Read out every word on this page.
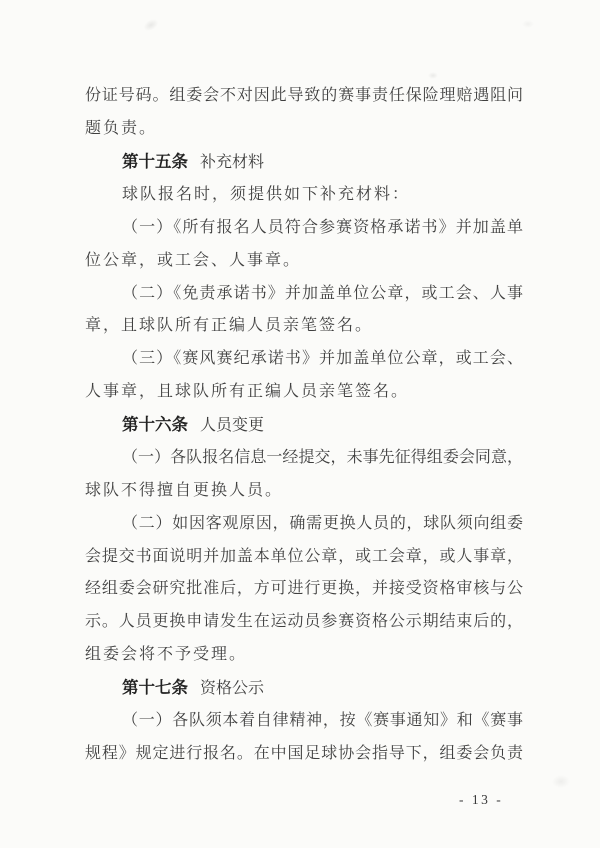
份证号码。组委会不对因此导致的赛事责任保险理赔遇阻问
题负责。
第十五条 补充材料
球队报名时，须提供如下补充材料：
（一）《所有报名人员符合参赛资格承诺书》并加盖单
位公章，或工会、人事章。
（二）《免责承诺书》并加盖单位公章，或工会、人事
章，且球队所有正编人员亲笔签名。
（三）《赛风赛纪承诺书》并加盖单位公章，或工会、
人事章，且球队所有正编人员亲笔签名。
第十六条 人员变更
（一）各队报名信息一经提交，未事先征得组委会同意，
球队不得擅自更换人员。
（二）如因客观原因，确需更换人员的，球队须向组委
会提交书面说明并加盖本单位公章，或工会章，或人事章，
经组委会研究批准后，方可进行更换，并接受资格审核与公
示。人员更换申请发生在运动员参赛资格公示期结束后的，
组委会将不予受理。
第十七条 资格公示
（一）各队须本着自律精神，按《赛事通知》和《赛事
规程》规定进行报名。在中国足球协会指导下，组委会负责
- 13 -
